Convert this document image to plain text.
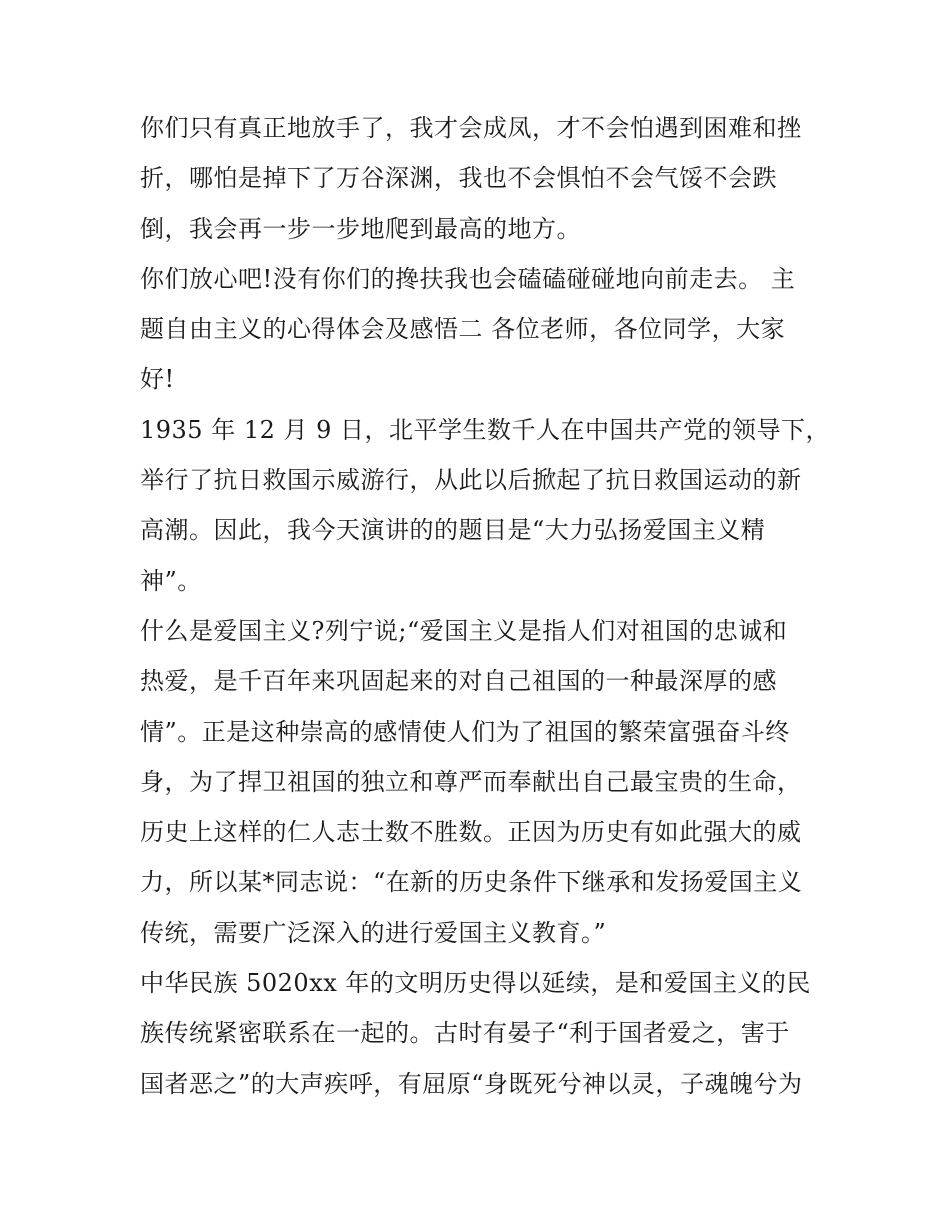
你们只有真正地放手了，我才会成凤，才不会怕遇到困难和挫
折，哪怕是掉下了万谷深渊，我也不会惧怕不会气馁不会跌
倒，我会再一步一步地爬到最高的地方。
你们放心吧!没有你们的搀扶我也会磕磕碰碰地向前走去。 主
题自由主义的心得体会及感悟二 各位老师，各位同学，大家
好!
1935 年 12 月 9 日，北平学生数千人在中国共产党的领导下，
举行了抗日救国示威游行，从此以后掀起了抗日救国运动的新
高潮。因此，我今天演讲的的题目是“大力弘扬爱国主义精
神”。
什么是爱国主义?列宁说;“爱国主义是指人们对祖国的忠诚和
热爱，是千百年来巩固起来的对自己祖国的一种最深厚的感
情”。正是这种崇高的感情使人们为了祖国的繁荣富强奋斗终
身，为了捍卫祖国的独立和尊严而奉献出自己最宝贵的生命，
历史上这样的仁人志士数不胜数。正因为历史有如此强大的威
力，所以某*同志说：“在新的历史条件下继承和发扬爱国主义
传统，需要广泛深入的进行爱国主义教育。”
中华民族 5020xx 年的文明历史得以延续，是和爱国主义的民
族传统紧密联系在一起的。古时有晏子“利于国者爱之，害于
国者恶之”的大声疾呼，有屈原“身既死兮神以灵，子魂魄兮为
